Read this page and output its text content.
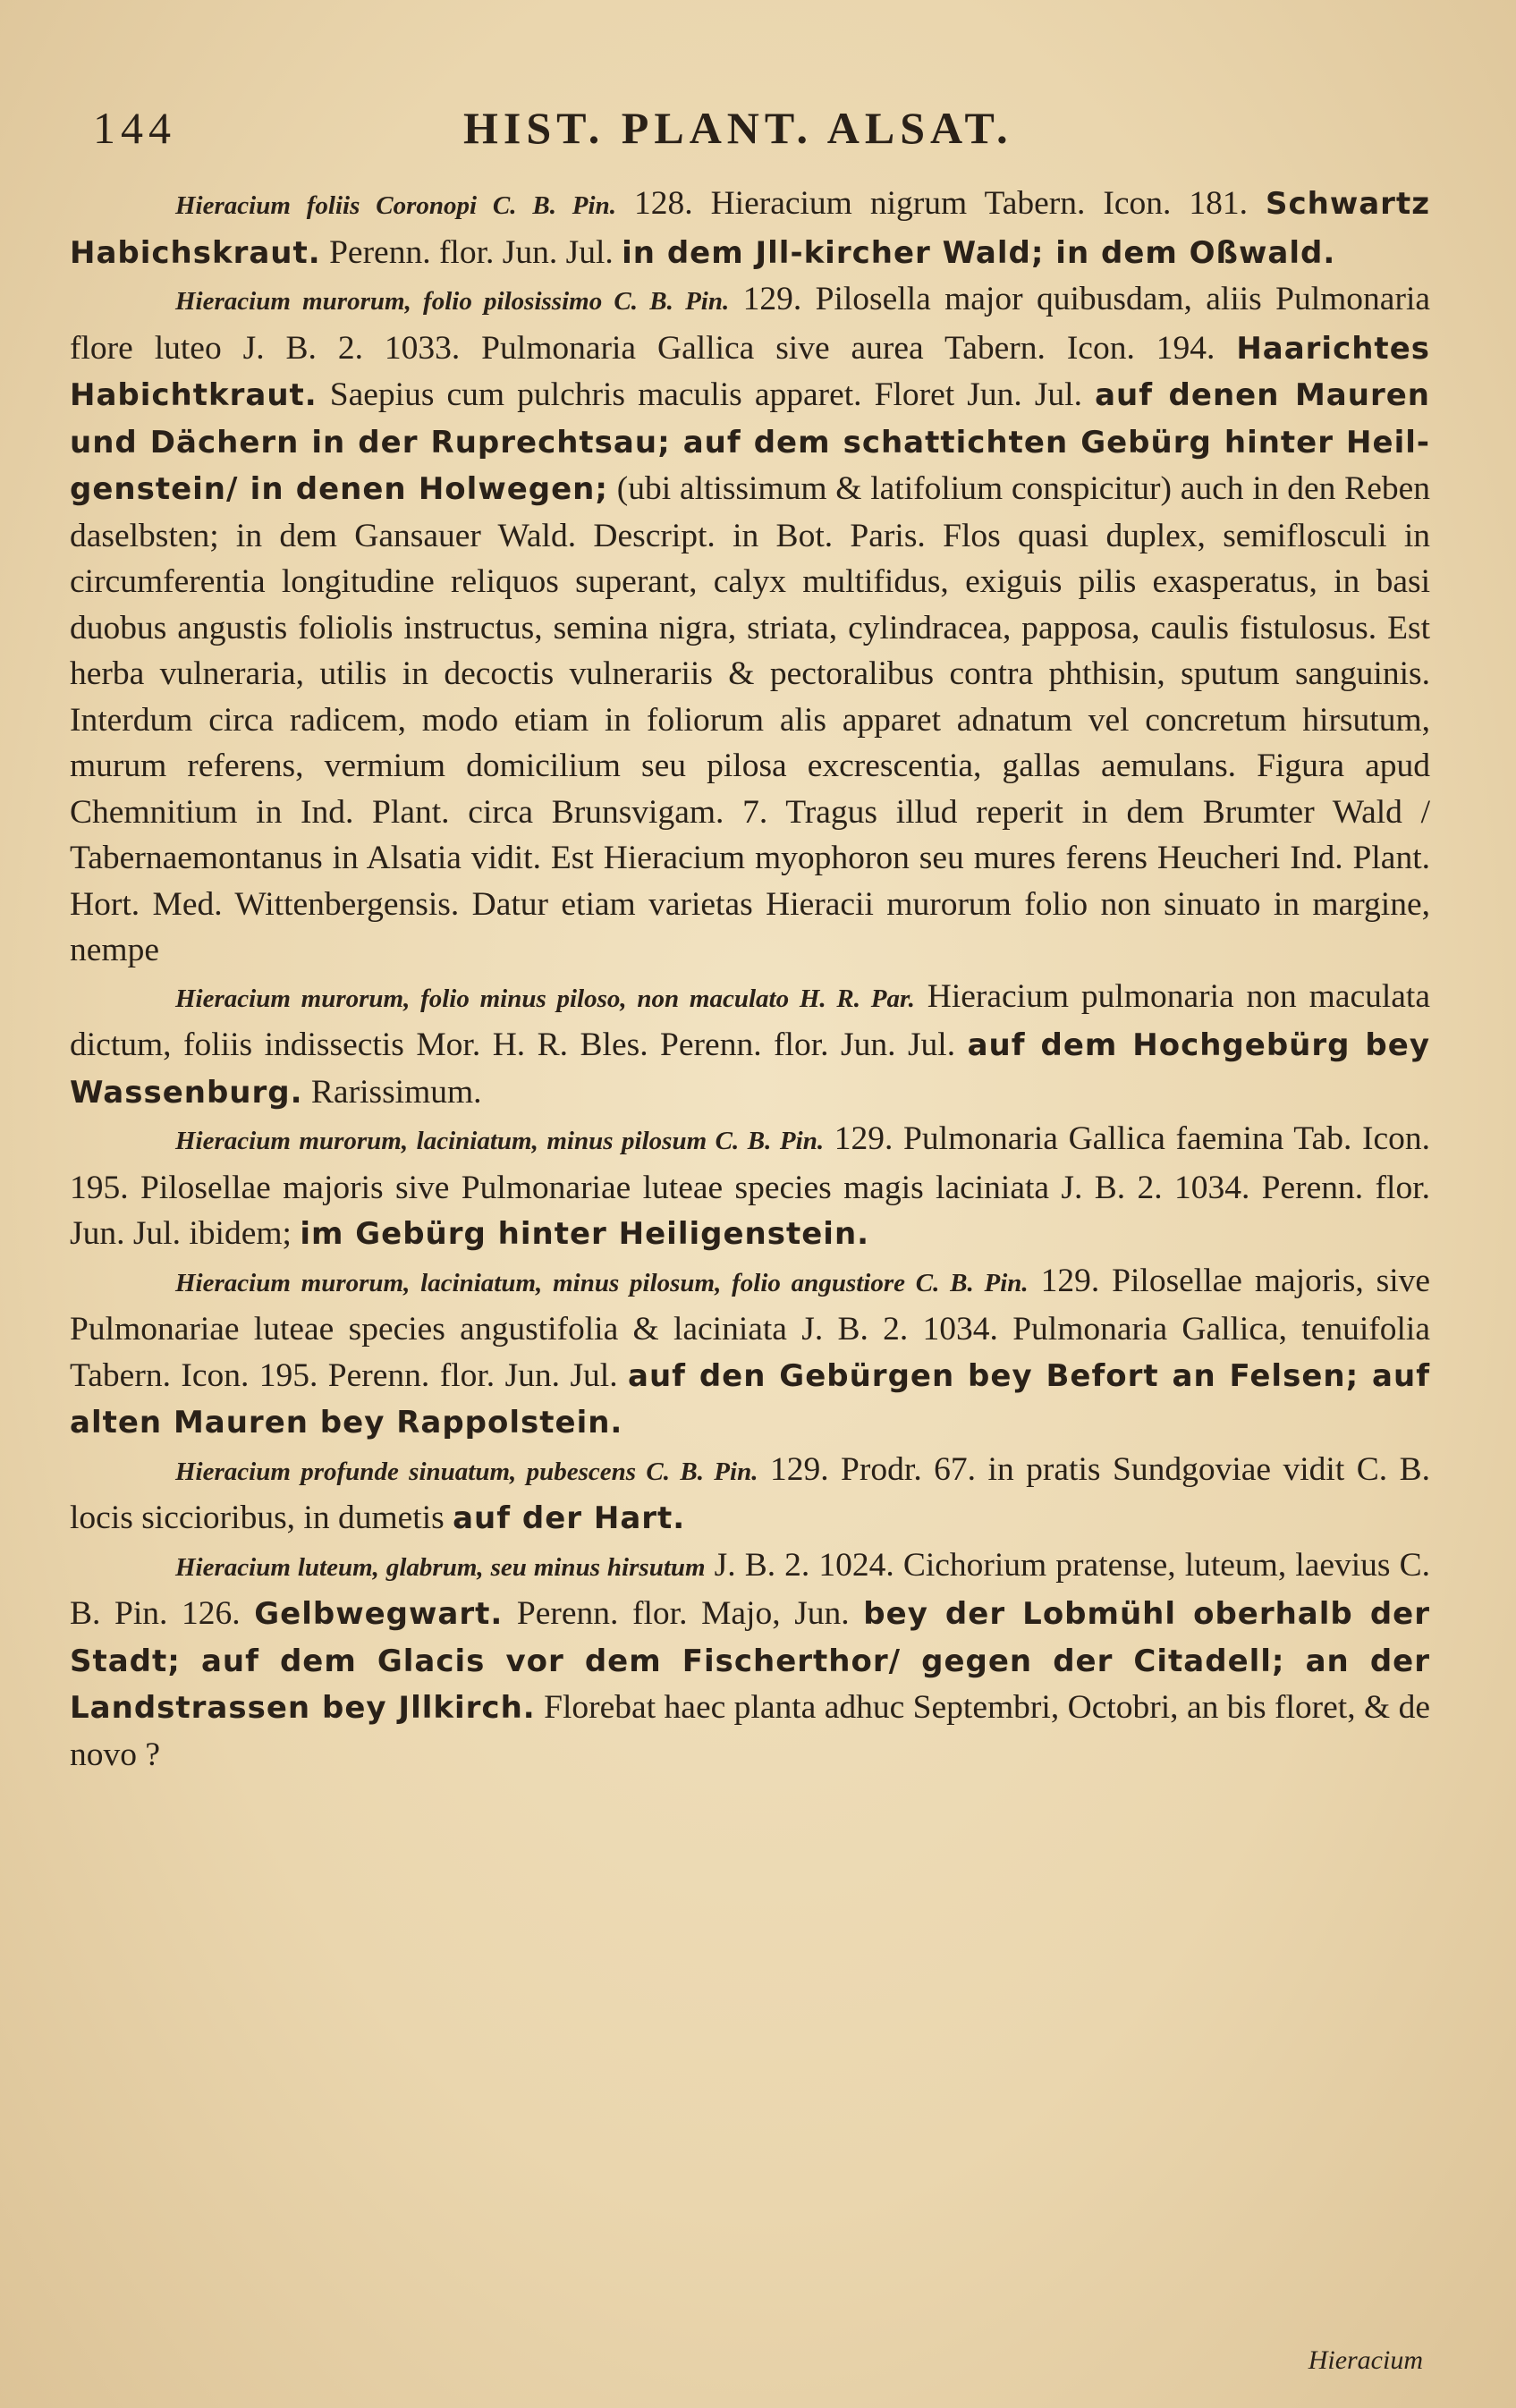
144	HIST. PLANT. ALSAT.

Hieracium foliis Coronopi C. B. Pin. 128. Hieracium nigrum Tabern. Icon. 181. Schwartz Habichskraut. Perenn. flor. Jun. Jul. in dem Jll-kircher Wald; in dem Oßwald.

Hieracium murorum, folio pilosissimo C. B. Pin. 129. Pilosella major quibusdam, aliis Pulmonaria flore luteo J. B. 2. 1033. Pulmonaria Gallica sive aurea Tabern. Icon. 194. Haarichtes Habichtkraut. Saepius cum pulchris maculis apparet. Floret Jun. Jul. auf denen Mauren und Dächern in der Ruprechtsau; auf dem schattichten Gebürg hinter Heil-genstein/ in denen Holwegen; (ubi altissimum & latifolium conspicitur) auch in den Reben daselbsten; in dem Gansauer Wald. Descript. in Bot. Paris. Flos quasi duplex, semiflosculi in circumferentia longitudine reliquos superant, calyx multifidus, exiguis pilis exasperatus, in basi duobus angustis foliolis instructus, semina nigra, striata, cylindracea, papposa, caulis fistulosus. Est herba vulneraria, utilis in decoctis vulnerariis & pectoralibus contra phthisin, sputum sanguinis. Interdum circa radicem, modo etiam in foliorum alis apparet adnatum vel concretum hirsutum, murum referens, vermium domicilium seu pilosa excrescentia, gallas aemulans. Figura apud Chemnitium in Ind. Plant. circa Brunsvigam. 7. Tragus illud reperit in dem Brumter Wald / Tabernaemontanus in Alsatia vidit. Est Hieracium myophoron seu mures ferens Heucheri Ind. Plant. Hort. Med. Wittenbergensis. Datur etiam varietas Hieracii murorum folio non sinuato in margine, nempe

Hieracium murorum, folio minus piloso, non maculato H. R. Par. Hieracium pulmonaria non maculata dictum, foliis indissectis Mor. H. R. Bles. Perenn. flor. Jun. Jul. auf dem Hochgebürg bey Wassenburg. Rarissimum.

Hieracium murorum, laciniatum, minus pilosum C. B. Pin. 129. Pulmonaria Gallica faemina Tab. Icon. 195. Pilosellae majoris sive Pulmonariae luteae species magis laciniata J. B. 2. 1034. Perenn. flor. Jun. Jul. ibidem; im Gebürg hinter Heiligenstein.

Hieracium murorum, laciniatum, minus pilosum, folio angustiore C. B. Pin. 129. Pilosellae majoris, sive Pulmonariae luteae species angustifolia & laciniata J. B. 2. 1034. Pulmonaria Gallica, tenuifolia Tabern. Icon. 195. Perenn. flor. Jun. Jul. auf den Gebürgen bey Befort an Felsen; auf alten Mauren bey Rappolstein.

Hieracium profunde sinuatum, pubescens C. B. Pin. 129. Prodr. 67. in pratis Sundgoviae vidit C. B. locis siccioribus, in dumetis auf der Hart.

Hieracium luteum, glabrum, seu minus hirsutum J. B. 2. 1024. Cichorium pratense, luteum, laevius C. B. Pin. 126. Gelbwegwart. Perenn. flor. Majo, Jun. bey der Lobmühl oberhalb der Stadt; auf dem Glacis vor dem Fischerthor/ gegen der Citadell; an der Landstrassen bey Jllkirch. Florebat haec planta adhuc Septembri, Octobri, an bis floret, & de novo ?

Hieracium
